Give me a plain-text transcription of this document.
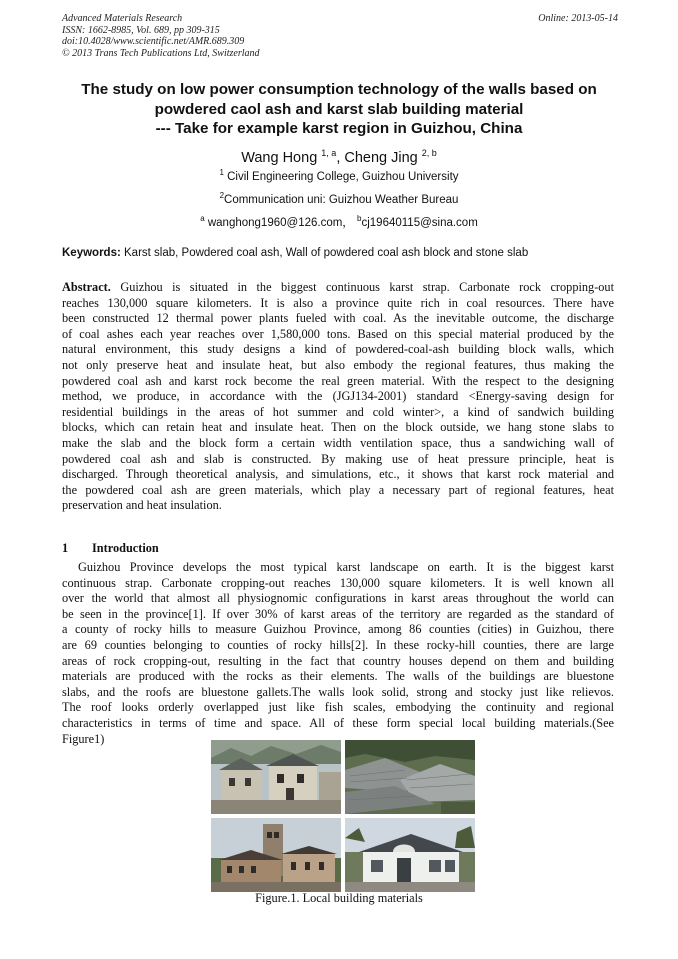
Advanced Materials Research
ISSN: 1662-8985, Vol. 689, pp 309-315
doi:10.4028/www.scientific.net/AMR.689.309
© 2013 Trans Tech Publications Ltd, Switzerland
Online: 2013-05-14
The study on low power consumption technology of the walls based on
powdered caol ash and karst slab building material
--- Take for example karst region in Guizhou, China
Wang Hong $^{1, a}$, Cheng Jing $^{2, b}$
$^1$ Civil Engineering College, Guizhou University
$^2$Communication uni: Guizhou Weather Bureau
$^a$ wanghong1960@126.com， $^b$cj19640115@sina.com
Keywords: Karst slab, Powdered coal ash, Wall of powdered coal ash block and stone slab
Abstract. Guizhou is situated in the biggest continuous karst strap. Carbonate rock cropping-out
reaches 130,000 square kilometers. It is also a province quite rich in coal resources. There have
been constructed 12 thermal power plants fueled with coal. As the inevitable outcome, the discharge
of coal ashes each year reaches over 1,580,000 tons. Based on this special material produced by the
natural environment, this study designs a kind of powdered-coal-ash building block walls, which
not only preserve heat and insulate heat, but also embody the regional features, thus making the
powdered coal ash and karst rock become the real green material. With the respect to the designing
method, we produce, in accordance with the (JGJ134-2001) standard <Energy-saving design for
residential buildings in the areas of hot summer and cold winter>, a kind of sandwich building
blocks, which can retain heat and insulate heat. Then on the block outside, we hang stone slabs to
make the slab and the block form a certain width ventilation space, thus a sandwiching wall of
powdered coal ash and slab is constructed. By making use of heat pressure principle, heat is
discharged. Through theoretical analysis, and simulations, etc., it shows that karst rock material and
the powdered coal ash are green materials, which play a necessary part of regional features, heat
preservation and heat insulation.
1 Introduction
Guizhou Province develops the most typical karst landscape on earth. It is the biggest karst
continuous strap. Carbonate cropping-out reaches 130,000 square kilometers. It is well known all
over the world that almost all physiognomic configurations in karst areas throughout the world can
be seen in the province[1]. If over 30% of karst areas of the territory are regarded as the standard of
a county of rocky hills to measure Guizhou Province, among 86 counties (cities) in Guizhou, there
are 69 counties belonging to counties of rocky hills[2]. In these rocky-hill counties, there are large
areas of rock cropping-out, resulting in the fact that country houses depend on them and building
materials are produced with the rocks as their elements. The walls of the buildings are bluestone
slabs, and the roofs are bluestone gallets.The walls look solid, strong and stocky just like relievos.
The roof looks orderly overlapped just like fish scales, embodying the continuity and regional
characteristics in terms of time and space. All of these form special local building materials.(See
Figure1)
Figure.1. Local building materials
